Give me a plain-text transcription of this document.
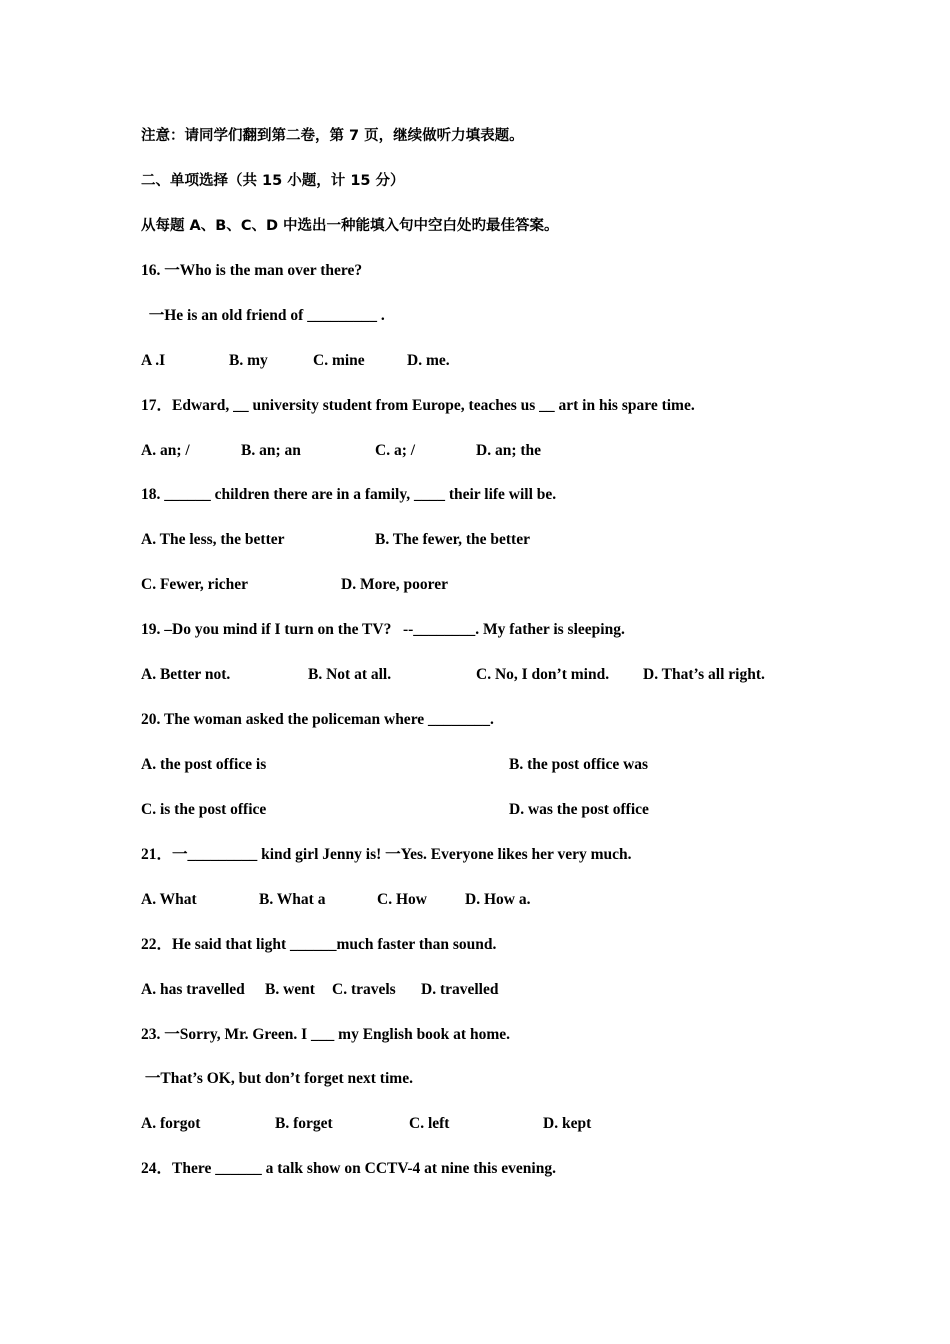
注意：请同学们翻到第二卷，第 7 页，继续做听力填表题。
二、单项选择（共 15 小题，计 15 分）
从每题 A、B、C、D 中选出一种能填入句中空白处旳最佳答案。
16. 一Who is the man over there?
一He is an old friend of _________ .
A .I	B. my	C. mine	D. me.
17．Edward, __ university student from Europe, teaches us __ art in his spare time.
A. an; /	B. an; an	C. a; /	D. an; the
18. ______ children there are in a family, ____ their life will be.
A. The less, the better	B. The fewer, the better
C. Fewer, richer	D. More, poorer
19. –Do you mind if I turn on the TV?   --________. My father is sleeping.
A. Better not.	B. Not at all.	C. No, I don’t mind. D. That’s all right.
20. The woman asked the policeman where ________.
A. the post office is	B. the post office was
C. is the post office	D. was the post office
21．一_________ kind girl Jenny is! 一Yes. Everyone likes her very much.
A. What	B. What a	C. How D. How a.
22．He said that light ______much faster than sound.
A. has travelled B. went C. travels D. travelled
23. 一Sorry, Mr. Green. I ___ my English book at home.
一That’s OK, but don’t forget next time.
A. forgot	B. forget	C. left	D. kept
24．There ______ a talk show on CCTV-4 at nine this evening.
